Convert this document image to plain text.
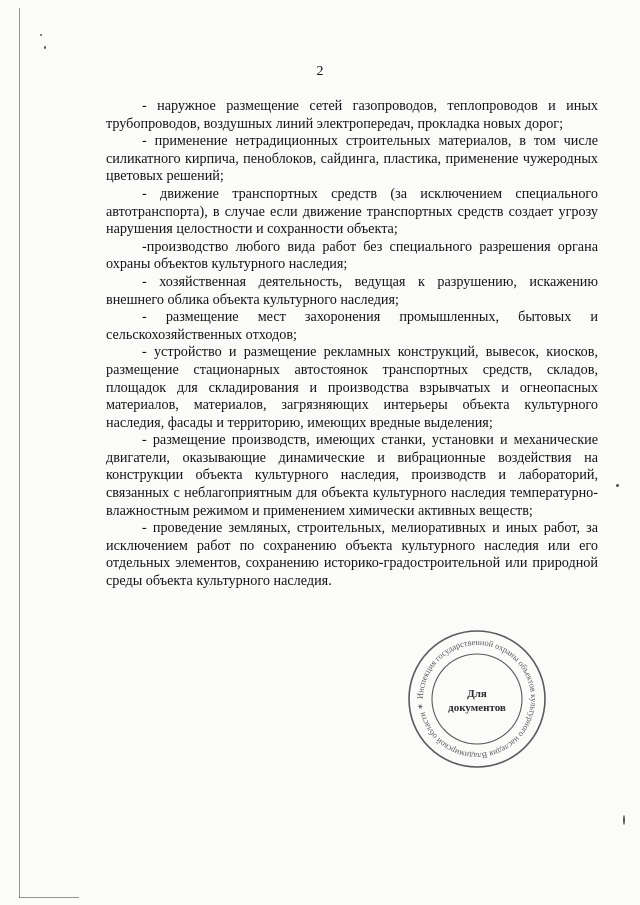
2

- наружное размещение сетей газопроводов, теплопроводов и иных трубопроводов, воздушных линий электропередач, прокладка новых дорог;

- применение нетрадиционных строительных материалов, в том числе силикатного кирпича, пеноблоков, сайдинга, пластика, применение чужеродных цветовых решений;

- движение транспортных средств (за исключением специального автотранспорта), в случае если движение транспортных средств создает угрозу нарушения целостности и сохранности объекта;

-производство любого вида работ без специального разрешения органа охраны объектов культурного наследия;

- хозяйственная деятельность, ведущая к разрушению, искажению внешнего облика объекта культурного наследия;

- размещение мест захоронения промышленных, бытовых и сельскохозяйственных отходов;

- устройство и размещение рекламных конструкций, вывесок, киосков, размещение стационарных автостоянок транспортных средств, складов, площадок для складирования и производства взрывчатых и огнеопасных материалов, материалов, загрязняющих интерьеры объекта культурного наследия, фасады и территорию, имеющих вредные выделения;

- размещение производств, имеющих станки, установки и механические двигатели, оказывающие динамические и вибрационные воздействия на конструкции объекта культурного наследия, производств и лабораторий, связанных с неблагоприятным для объекта культурного наследия температурно-влажностным режимом и применением химически активных веществ;

- проведение земляных, строительных, мелиоративных и иных работ, за исключением работ по сохранению объекта культурного наследия или его отдельных элементов, сохранению историко-градостроительной или природной среды объекта культурного наследия.

Инспекция государственной охраны объектов культурного наследия Владимирской области ✶
Для
документов
